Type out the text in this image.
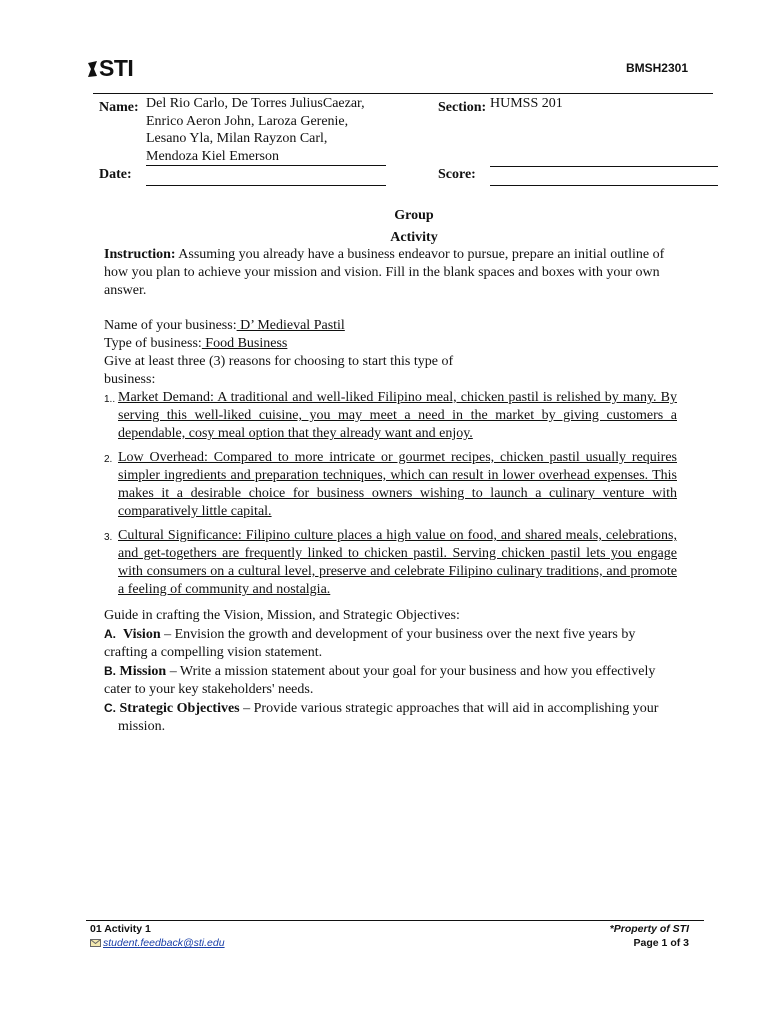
STI	BMSH2301
Name: Del Rio Carlo, De Torres JuliusCaezar,
Enrico Aeron John, Laroza Gerenie,
Lesano Yla, Milan Rayzon Carl,
Mendoza Kiel Emerson
Section: HUMSS 201
Date:	Score:
Group
Activity
Instruction: Assuming you already have a business endeavor to pursue, prepare an initial outline of how you plan to achieve your mission and vision. Fill in the blank spaces and boxes with your own answer.
Name of your business: D’ Medieval Pastil
Type of business: Food Business
Give at least three (3) reasons for choosing to start this type of
business:
1.. Market Demand: A traditional and well-liked Filipino meal, chicken pastil is relished by many. By serving this well-liked cuisine, you may meet a need in the market by giving customers a dependable, cosy meal option that they already want and enjoy.
2. Low Overhead: Compared to more intricate or gourmet recipes, chicken pastil usually requires simpler ingredients and preparation techniques, which can result in lower overhead expenses. This makes it a desirable choice for business owners wishing to launch a culinary venture with comparatively little capital.
3. Cultural Significance: Filipino culture places a high value on food, and shared meals, celebrations, and get-togethers are frequently linked to chicken pastil. Serving chicken pastil lets you engage with consumers on a cultural level, preserve and celebrate Filipino culinary traditions, and promote a feeling of community and nostalgia.
Guide in crafting the Vision, Mission, and Strategic Objectives:
A. Vision – Envision the growth and development of your business over the next five years by crafting a compelling vision statement.
B. Mission – Write a mission statement about your goal for your business and how you effectively cater to your key stakeholders' needs.
C. Strategic Objectives – Provide various strategic approaches that will aid in accomplishing your mission.
01 Activity 1
student.feedback@sti.edu
*Property of STI
Page 1 of 3
